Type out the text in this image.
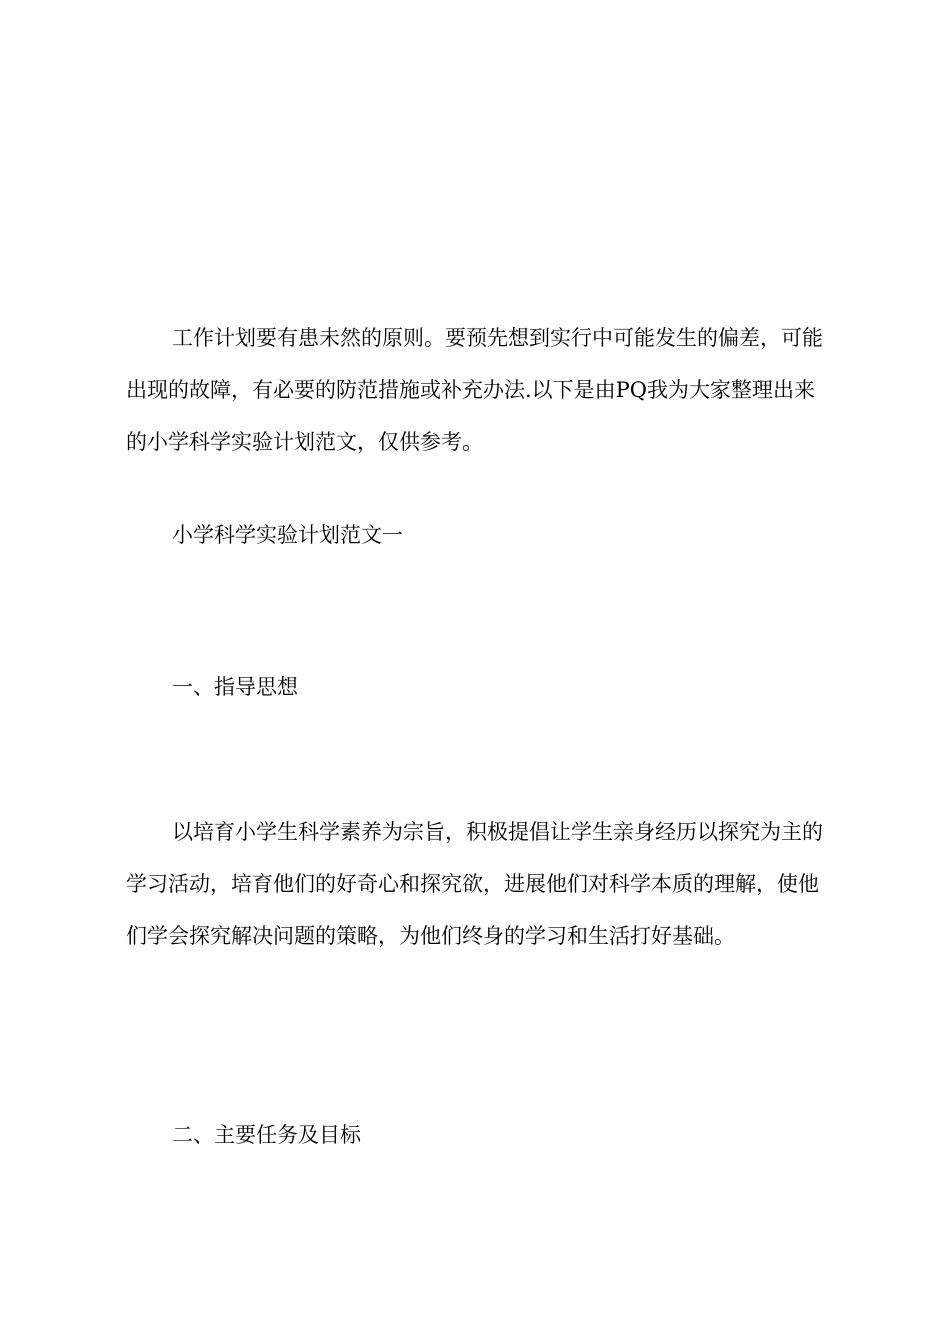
工作计划要有患未然的原则。要预先想到实行中可能发生的偏差，可能出现的故障，有必要的防范措施或补充办法.以下是由PQ我为大家整理出来的小学科学实验计划范文，仅供参考。

小学科学实验计划范文一

一、指导思想

以培育小学生科学素养为宗旨，积极提倡让学生亲身经历以探究为主的学习活动，培育他们的好奇心和探究欲，进展他们对科学本质的理解，使他们学会探究解决问题的策略，为他们终身的学习和生活打好基础。

二、主要任务及目标
